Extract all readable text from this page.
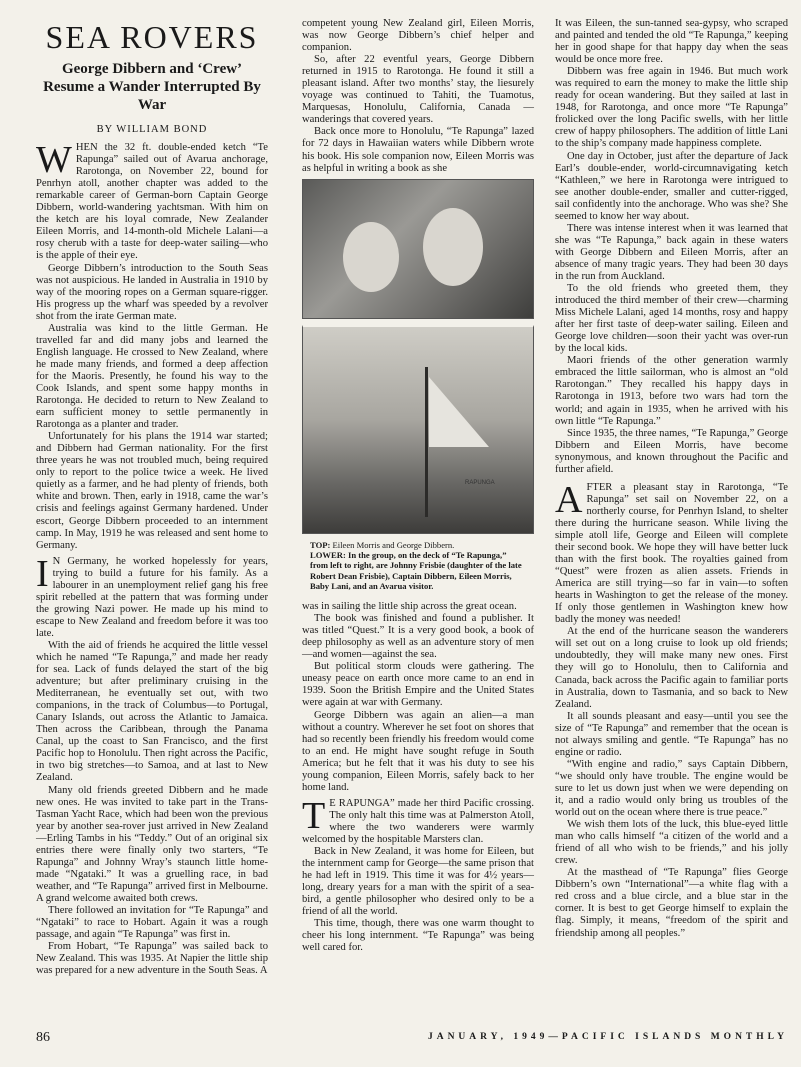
SEA ROVERS
George Dibbern and ‘Crew’ Resume a Wander Interrupted By War
BY WILLIAM BOND

WHEN the 32 ft. double-ended ketch “Te Rapunga” sailed out of Avarua anchorage, Rarotonga, on November 22, bound for Penrhyn atoll, another chapter was added to the remarkable career of German-born Captain George Dibbern, world-wandering yachtsman. With him on the ketch are his loyal comrade, New Zealander Eileen Morris, and 14-month-old Michele Lalani—a rosy cherub with a taste for deep-water sailing—who is the apple of their eye.

George Dibbern’s introduction to the South Seas was not auspicious. He landed in Australia in 1910 by way of the mooring ropes on a German square-rigger. His progress up the wharf was speeded by a revolver shot from the irate German mate.

Australia was kind to the little German. He travelled far and did many jobs and learned the English language. He crossed to New Zealand, where he made many friends, and formed a deep affection for the Maoris. Presently, he found his way to the Cook Islands, and spent some happy months in Rarotonga. He decided to return to New Zealand to earn sufficient money to settle permanently in Rarotonga as a planter and trader.

Unfortunately for his plans the 1914 war started; and Dibbern had German nationality. For the first three years he was not troubled much, being required only to report to the police twice a week. He lived quietly as a farmer, and he had plenty of friends, both white and brown. Then, early in 1918, came the war’s crisis and feelings against Germany hardened. Under escort, George Dibbern proceeded to an internment camp. In May, 1919 he was released and sent home to Germany.

I N Germany, he worked hopelessly for years, trying to build a future for his family. As a labourer in an unemployment relief gang his free spirit rebelled at the pattern that was forming under the growing Nazi power. He made up his mind to escape to New Zealand and freedom before it was too late.

With the aid of friends he acquired the little vessel which he named “Te Rapunga,” and made her ready for sea. Lack of funds delayed the start of the big adventure; but after preliminary cruising in the Mediterranean, he eventually set out, with two companions, in the track of Columbus—to Portugal, Canary Islands, out across the Atlantic to Jamaica. Then across the Caribbean, through the Panama Canal, up the coast to San Francisco, and the first Pacific hop to Honolulu. Then right across the Pacific, in two big stretches—to Samoa, and at last to New Zealand.

Many old friends greeted Dibbern and he made new ones. He was invited to take part in the Trans-Tasman Yacht Race, which had been won the previous year by another sea-rover just arrived in New Zealand—Erling Tambs in his “Teddy.” Out of an original six entries there were finally only two starters, “Te Rapunga” and Johnny Wray’s staunch little home-made “Ngataki.” It was a gruelling race, in bad weather, and “Te Rapunga” arrived first in Melbourne. A grand welcome awaited both crews.

There followed an invitation for “Te Rapunga” and “Ngataki” to race to Hobart. Again it was a rough passage, and again “Te Rapunga” was first in.

From Hobart, “Te Rapunga” was sailed back to New Zealand. This was 1935. At Napier the little ship was prepared for a new adventure in the South Seas. A

competent young New Zealand girl, Eileen Morris, was now George Dibbern’s chief helper and companion.

So, after 22 eventful years, George Dibbern returned in 1915 to Rarotonga. He found it still a pleasant island. After two months’ stay, the liesurely voyage was continued to Tahiti, the Tuamotus, Marquesas, Honolulu, California, Canada —wanderings that covered years.

Back once more to Honolulu, “Te Rapunga” lazed for 72 days in Hawaiian waters while Dibbern wrote his book. His sole companion now, Eileen Morris was as helpful in writing a book as she

RAPUNGA
TOP: Eileen Morris and George Dibbern.
LOWER: In the group, on the deck of “Te Rapunga,” from left to right, are Johnny Frisbie (daughter of the late Robert Dean Frisbie), Captain Dibbern, Eileen Morris, Baby Lani, and an Avarua visitor.

was in sailing the little ship across the great ocean.

The book was finished and found a publisher. It was titled “Quest.” It is a very good book, a book of deep philosophy as well as an adventure story of men—and women—against the sea.

But political storm clouds were gathering. The uneasy peace on earth once more came to an end in 1939. Soon the British Empire and the United States were again at war with Germany.

George Dibbern was again an alien—a man without a country. Wherever he set foot on shores that had so recently been friendly his freedom would come to an end. He might have sought refuge in South America; but he felt that it was his duty to see his young companion, Eileen Morris, safely back to her home land.

T E RAPUNGA” made her third Pacific crossing. The only halt this time was at Palmerston Atoll, where the two wanderers were warmly welcomed by the hospitable Marsters clan.

Back in New Zealand, it was home for Eileen, but the internment camp for George—the same prison that he had left in 1919. This time it was for 4½ years—long, dreary years for a man with the spirit of a sea-bird, a gentle philosopher who desired only to be a friend of all the world.

This time, though, there was one warm thought to cheer his long internment. “Te Rapunga” was being well cared for.

It was Eileen, the sun-tanned sea-gypsy, who scraped and painted and tended the old “Te Rapunga,” keeping her in good shape for that happy day when the seas would be once more free.

Dibbern was free again in 1946. But much work was required to earn the money to make the little ship ready for ocean wandering. But they sailed at last in 1948, for Rarotonga, and once more “Te Rapunga” frolicked over the long Pacific swells, with her little crew of happy philosophers. The addition of little Lani to the ship’s company made happiness complete.

One day in October, just after the departure of Jack Earl’s double-ender, world-circumnavigating ketch “Kathleen,” we here in Rarotonga were intrigued to see another double-ender, smaller and cutter-rigged, sail confidently into the anchorage. Who was she? She seemed to know her way about.

There was intense interest when it was learned that she was “Te Rapunga,” back again in these waters with George Dibbern and Eileen Morris, after an absence of many tragic years. They had been 30 days in the run from Auckland.

To the old friends who greeted them, they introduced the third member of their crew—charming Miss Michele Lalani, aged 14 months, rosy and happy after her first taste of deep-water sailing. Eileen and George love children—soon their yacht was over-run by the local kids.

Maori friends of the other generation warmly embraced the little sailorman, who is almost an “old Rarotongan.” They recalled his happy days in Rarotonga in 1913, before two wars had torn the world; and again in 1935, when he arrived with his own little “Te Rapunga.”

Since 1935, the three names, “Te Rapunga,” George Dibbern and Eileen Morris, have become synonymous, and known throughout the Pacific and further afield.

AFTER a pleasant stay in Rarotonga, “Te Rapunga” set sail on November 22, on a northerly course, for Penrhyn Island, to shelter there during the hurricane season. While living the simple atoll life, George and Eileen will complete their second book. We hope they will have better luck than with the first book. The royalties gained from “Quest” were frozen as alien assets. Friends in America are still trying—so far in vain—to soften hearts in Washington to get the release of the money. If only those gentlemen in Washington knew how badly the money was needed!

At the end of the hurricane season the wanderers will set out on a long cruise to look up old friends; undoubtedly, they will make many new ones. First they will go to Honolulu, then to California and Canada, back across the Pacific again to familiar ports in Australia, down to Tasmania, and so back to New Zealand.

It all sounds pleasant and easy—until you see the size of “Te Rapunga” and remember that the ocean is not always smiling and gentle. “Te Rapunga” has no engine or radio.

“With engine and radio,” says Captain Dibbern, “we should only have trouble. The engine would be sure to let us down just when we were depending on it, and a radio would only bring us troubles of the world out on the ocean where there is true peace.”

We wish them lots of the luck, this blue-eyed little man who calls himself “a citizen of the world and a friend of all who wish to be friends,” and his jolly crew.

At the masthead of “Te Rapunga” flies George Dibbern’s own “International”—a white flag with a red cross and a blue circle, and a blue star in the corner. It is best to get George himself to explain the flag. Simply, it means, “freedom of the spirit and friendship among all peoples.”

86	JANUARY, 1949—PACIFIC ISLANDS MONTHLY
